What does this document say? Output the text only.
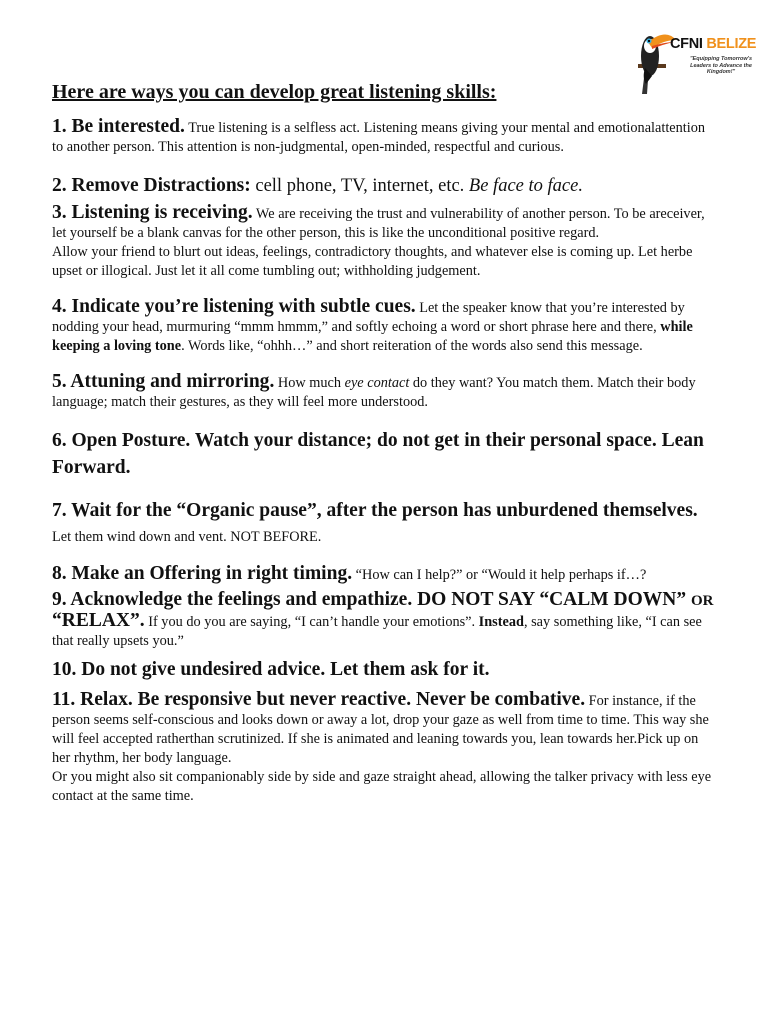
CFNI BELIZE
"Equipping Tomorrow's Leaders to Advance the Kingdom!"
Here are ways you can develop great listening skills:

1. Be interested. True listening is a selfless act. Listening means giving your mental and emotionalattention to another person. This attention is non-judgmental, open-minded, respectful and curious.

2. Remove Distractions: cell phone, TV, internet, etc. Be face to face.

3. Listening is receiving. We are receiving the trust and vulnerability of another person. To be areceiver, let yourself be a blank canvas for the other person, this is like the unconditional positive regard.

Allow your friend to blurt out ideas, feelings, contradictory thoughts, and whatever else is coming up. Let herbe upset or illogical. Just let it all come tumbling out; withholding judgement.

4. Indicate you’re listening with subtle cues. Let the speaker know that you’re interested by nodding your head, murmuring “mmm hmmm,” and softly echoing a word or short phrase here and there, while keeping a loving tone. Words like, “ohhh…” and short reiteration of the words also send this message.

5. Attuning and mirroring. How much eye contact do they want? You match them. Match their body language; match their gestures, as they will feel more understood.

6. Open Posture. Watch your distance; do not get in their personal space. Lean Forward.

7. Wait for the “Organic pause”, after the person has unburdened themselves. Let them wind down and vent. NOT BEFORE.

8. Make an Offering in right timing. “How can I help?” or “Would it help perhaps if…?

9. Acknowledge the feelings and empathize. DO NOT SAY “CALM DOWN” OR “RELAX”. If you do you are saying, “I can’t handle your emotions”. Instead, say something like, “I can see that really upsets you.”

10. Do not give undesired advice. Let them ask for it.

11. Relax. Be responsive but never reactive. Never be combative. For instance, if the person seems self-conscious and looks down or away a lot, drop your gaze as well from time to time. This way she will feel accepted ratherthan scrutinized. If she is animated and leaning towards you, lean towards her.Pick up on her rhythm, her body language.

Or you might also sit companionably side by side and gaze straight ahead, allowing the talker privacy with less eye contact at the same time.
